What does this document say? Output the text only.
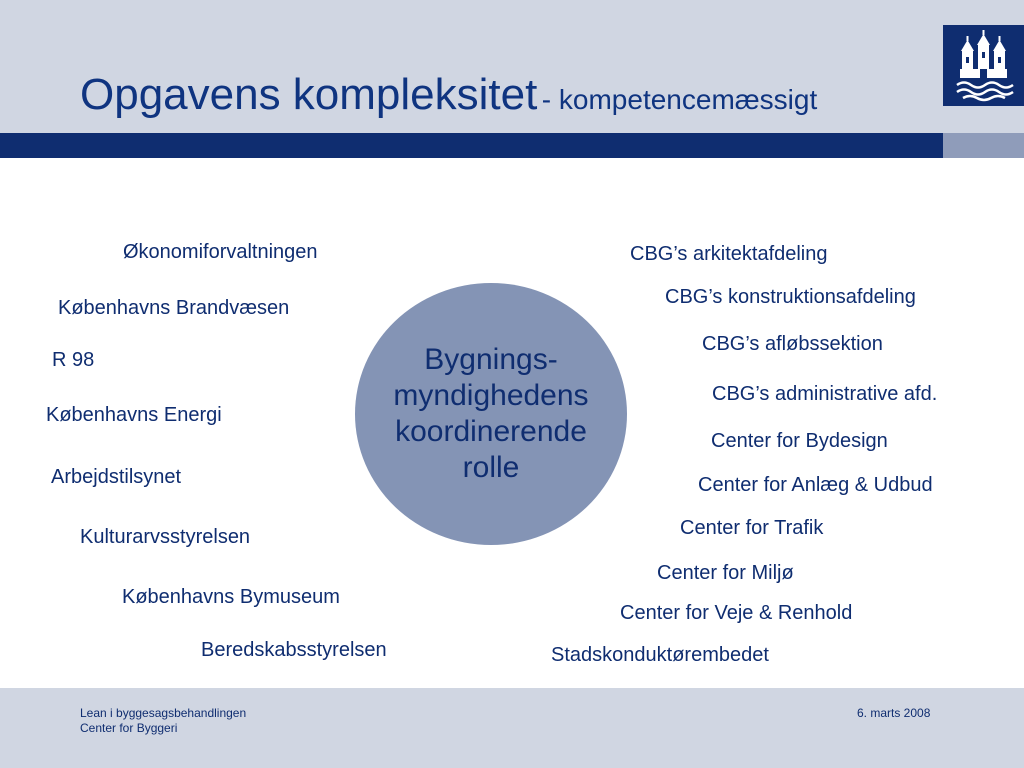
Opgavens kompleksitet - kompetencemæssigt
Økonomiforvaltningen
Københavns Brandvæsen
R 98
Københavns Energi
Arbejdstilsynet
Kulturarvsstyrelsen
Københavns Bymuseum
Beredskabsstyrelsen
Bygnings-
myndighedens
koordinerende
rolle
CBG’s arkitektafdeling
CBG’s konstruktionsafdeling
CBG’s afløbssektion
CBG’s administrative afd.
Center for Bydesign
Center for Anlæg & Udbud
Center for Trafik
Center for Miljø
Center for Veje & Renhold
Stadskonduktørembedet
Lean i byggesagsbehandlingen
Center for Byggeri
6. marts 2008
